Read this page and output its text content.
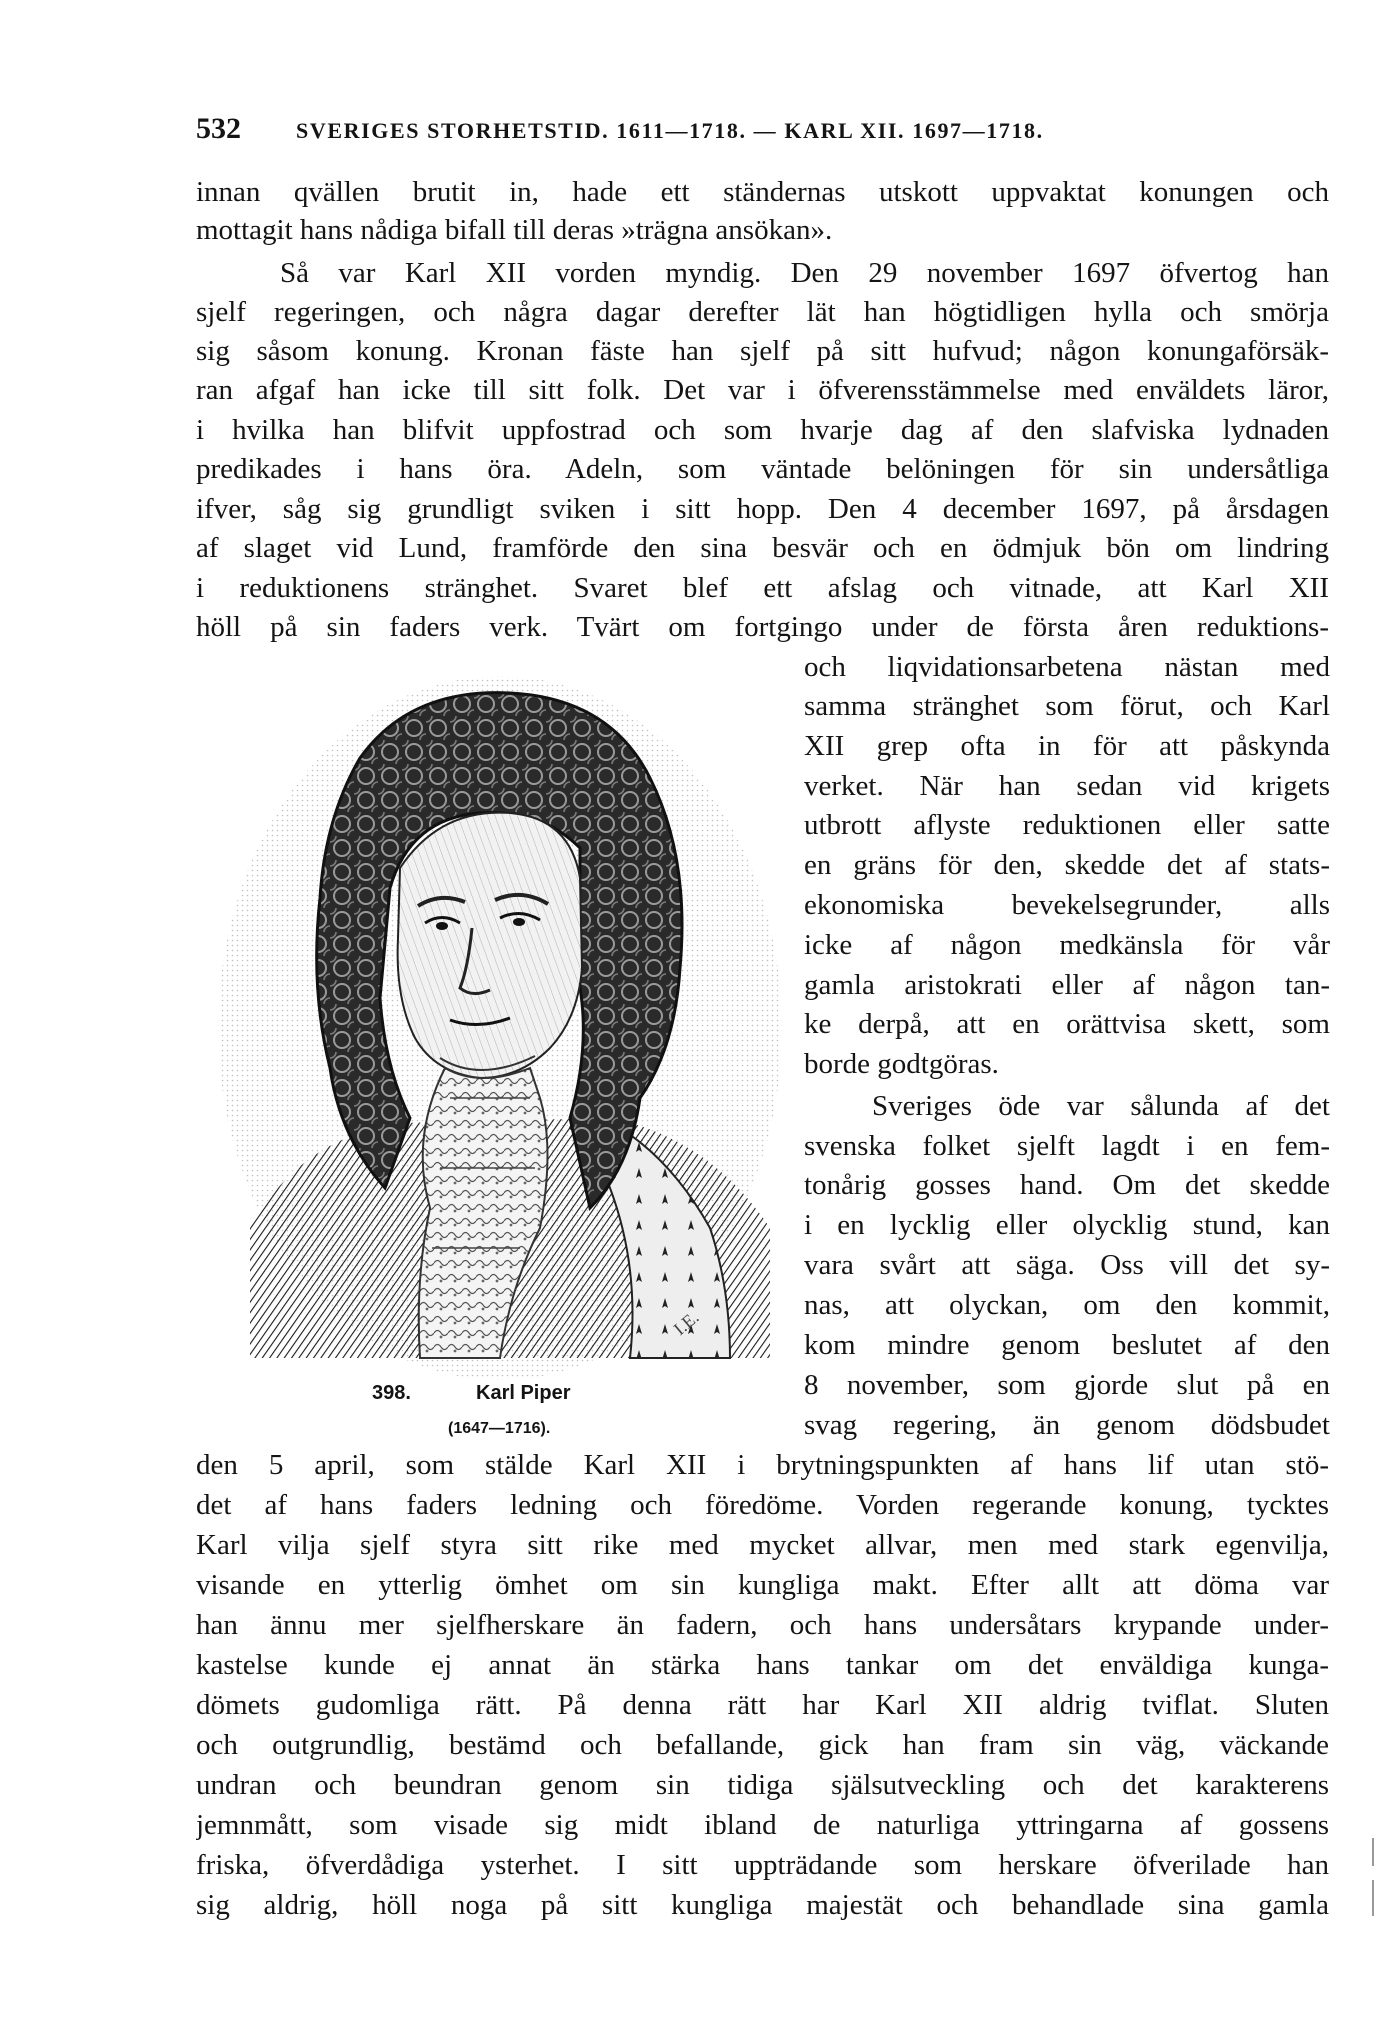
532	SVERIGES STORHETSTID. 1611—1718. — KARL XII. 1697—1718.
innan qvällen brutit in, hade ett ständernas utskott uppvaktat konungen och
mottagit hans nådiga bifall till deras »trägna ansökan».
Så var Karl XII vorden myndig. Den 29 november 1697 öfvertog han
sjelf regeringen, och några dagar derefter lät han högtidligen hylla och smörja
sig såsom konung. Kronan fäste han sjelf på sitt hufvud; någon konungaförsäk-
ran afgaf han icke till sitt folk. Det var i öfverensstämmelse med enväldets läror,
i hvilka han blifvit uppfostrad och som hvarje dag af den slafviska lydnaden
predikades i hans öra. Adeln, som väntade belöningen för sin undersåtliga
ifver, såg sig grundligt sviken i sitt hopp. Den 4 december 1697, på årsdagen
af slaget vid Lund, framförde den sina besvär och en ödmjuk bön om lindring
i reduktionens stränghet. Svaret blef ett afslag och vitnade, att Karl XII
höll på sin faders verk. Tvärt om fortgingo under de första åren reduktions-
I.E.
och liqvidationsarbetena nästan med
samma stränghet som förut, och Karl
XII grep ofta in för att påskynda
verket. När han sedan vid krigets
utbrott aflyste reduktionen eller satte
en gräns för den, skedde det af stats-
ekonomiska bevekelsegrunder, alls
icke af någon medkänsla för vår
gamla aristokrati eller af någon tan-
ke derpå, att en orättvisa skett, som
borde godtgöras.
Sveriges öde var sålunda af det
svenska folket sjelft lagdt i en fem-
tonårig gosses hand. Om det skedde
i en lycklig eller olycklig stund, kan
vara svårt att säga. Oss vill det sy-
nas, att olyckan, om den kommit,
kom mindre genom beslutet af den
8 november, som gjorde slut på en
svag regering, än genom dödsbudet
398.	Karl Piper
(1647—1716).
den 5 april, som stälde Karl XII i brytningspunkten af hans lif utan stö-
det af hans faders ledning och föredöme. Vorden regerande konung, tycktes
Karl vilja sjelf styra sitt rike med mycket allvar, men med stark egenvilja,
visande en ytterlig ömhet om sin kungliga makt. Efter allt att döma var
han ännu mer sjelfherskare än fadern, och hans undersåtars krypande under-
kastelse kunde ej annat än stärka hans tankar om det enväldiga kunga-
dömets gudomliga rätt. På denna rätt har Karl XII aldrig tviflat. Sluten
och outgrundlig, bestämd och befallande, gick han fram sin väg, väckande
undran och beundran genom sin tidiga själsutveckling och det karakterens
jemnmått, som visade sig midt ibland de naturliga yttringarna af gossens
friska, öfverdådiga ysterhet. I sitt uppträdande som herskare öfverilade han
sig aldrig, höll noga på sitt kungliga majestät och behandlade sina gamla
